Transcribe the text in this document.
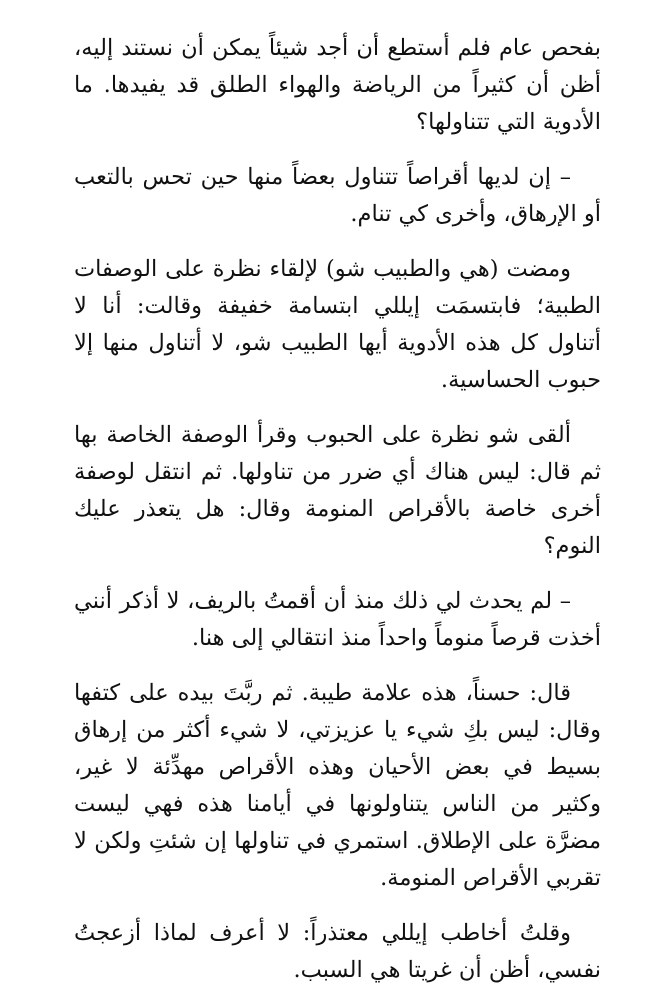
بفحص عام فلم أستطع أن أجد شيئاً يمكن أن نستند إليه، أظن أن كثيراً من الرياضة والهواء الطلق قد يفيدها. ما الأدوية التي تتناولها؟

– إن لديها أقراصاً تتناول بعضاً منها حين تحس بالتعب أو الإرهاق، وأخرى كي تنام.

ومضت (هي والطبيب شو) لإلقاء نظرة على الوصفات الطبية؛ فابتسمَت إيللي ابتسامة خفيفة وقالت: أنا لا أتناول كل هذه الأدوية أيها الطبيب شو، لا أتناول منها إلا حبوب الحساسية.

ألقى شو نظرة على الحبوب وقرأ الوصفة الخاصة بها ثم قال: ليس هناك أي ضرر من تناولها. ثم انتقل لوصفة أخرى خاصة بالأقراص المنومة وقال: هل يتعذر عليك النوم؟

– لم يحدث لي ذلك منذ أن أقمتُ بالريف، لا أذكر أنني أخذت قرصاً منوماً واحداً منذ انتقالي إلى هنا.

قال: حسناً، هذه علامة طيبة. ثم ربَّتَ بيده على كتفها وقال: ليس بكِ شيء يا عزيزتي، لا شيء أكثر من إرهاق بسيط في بعض الأحيان وهذه الأقراص مهدِّئة لا غير، وكثير من الناس يتناولونها في أيامنا هذه فهي ليست مضرَّة على الإطلاق. استمري في تناولها إن شئتِ ولكن لا تقربي الأقراص المنومة.

وقلتُ أخاطب إيللي معتذراً: لا أعرف لماذا أزعجتُ نفسي، أظن أن غريتا هي السبب.
